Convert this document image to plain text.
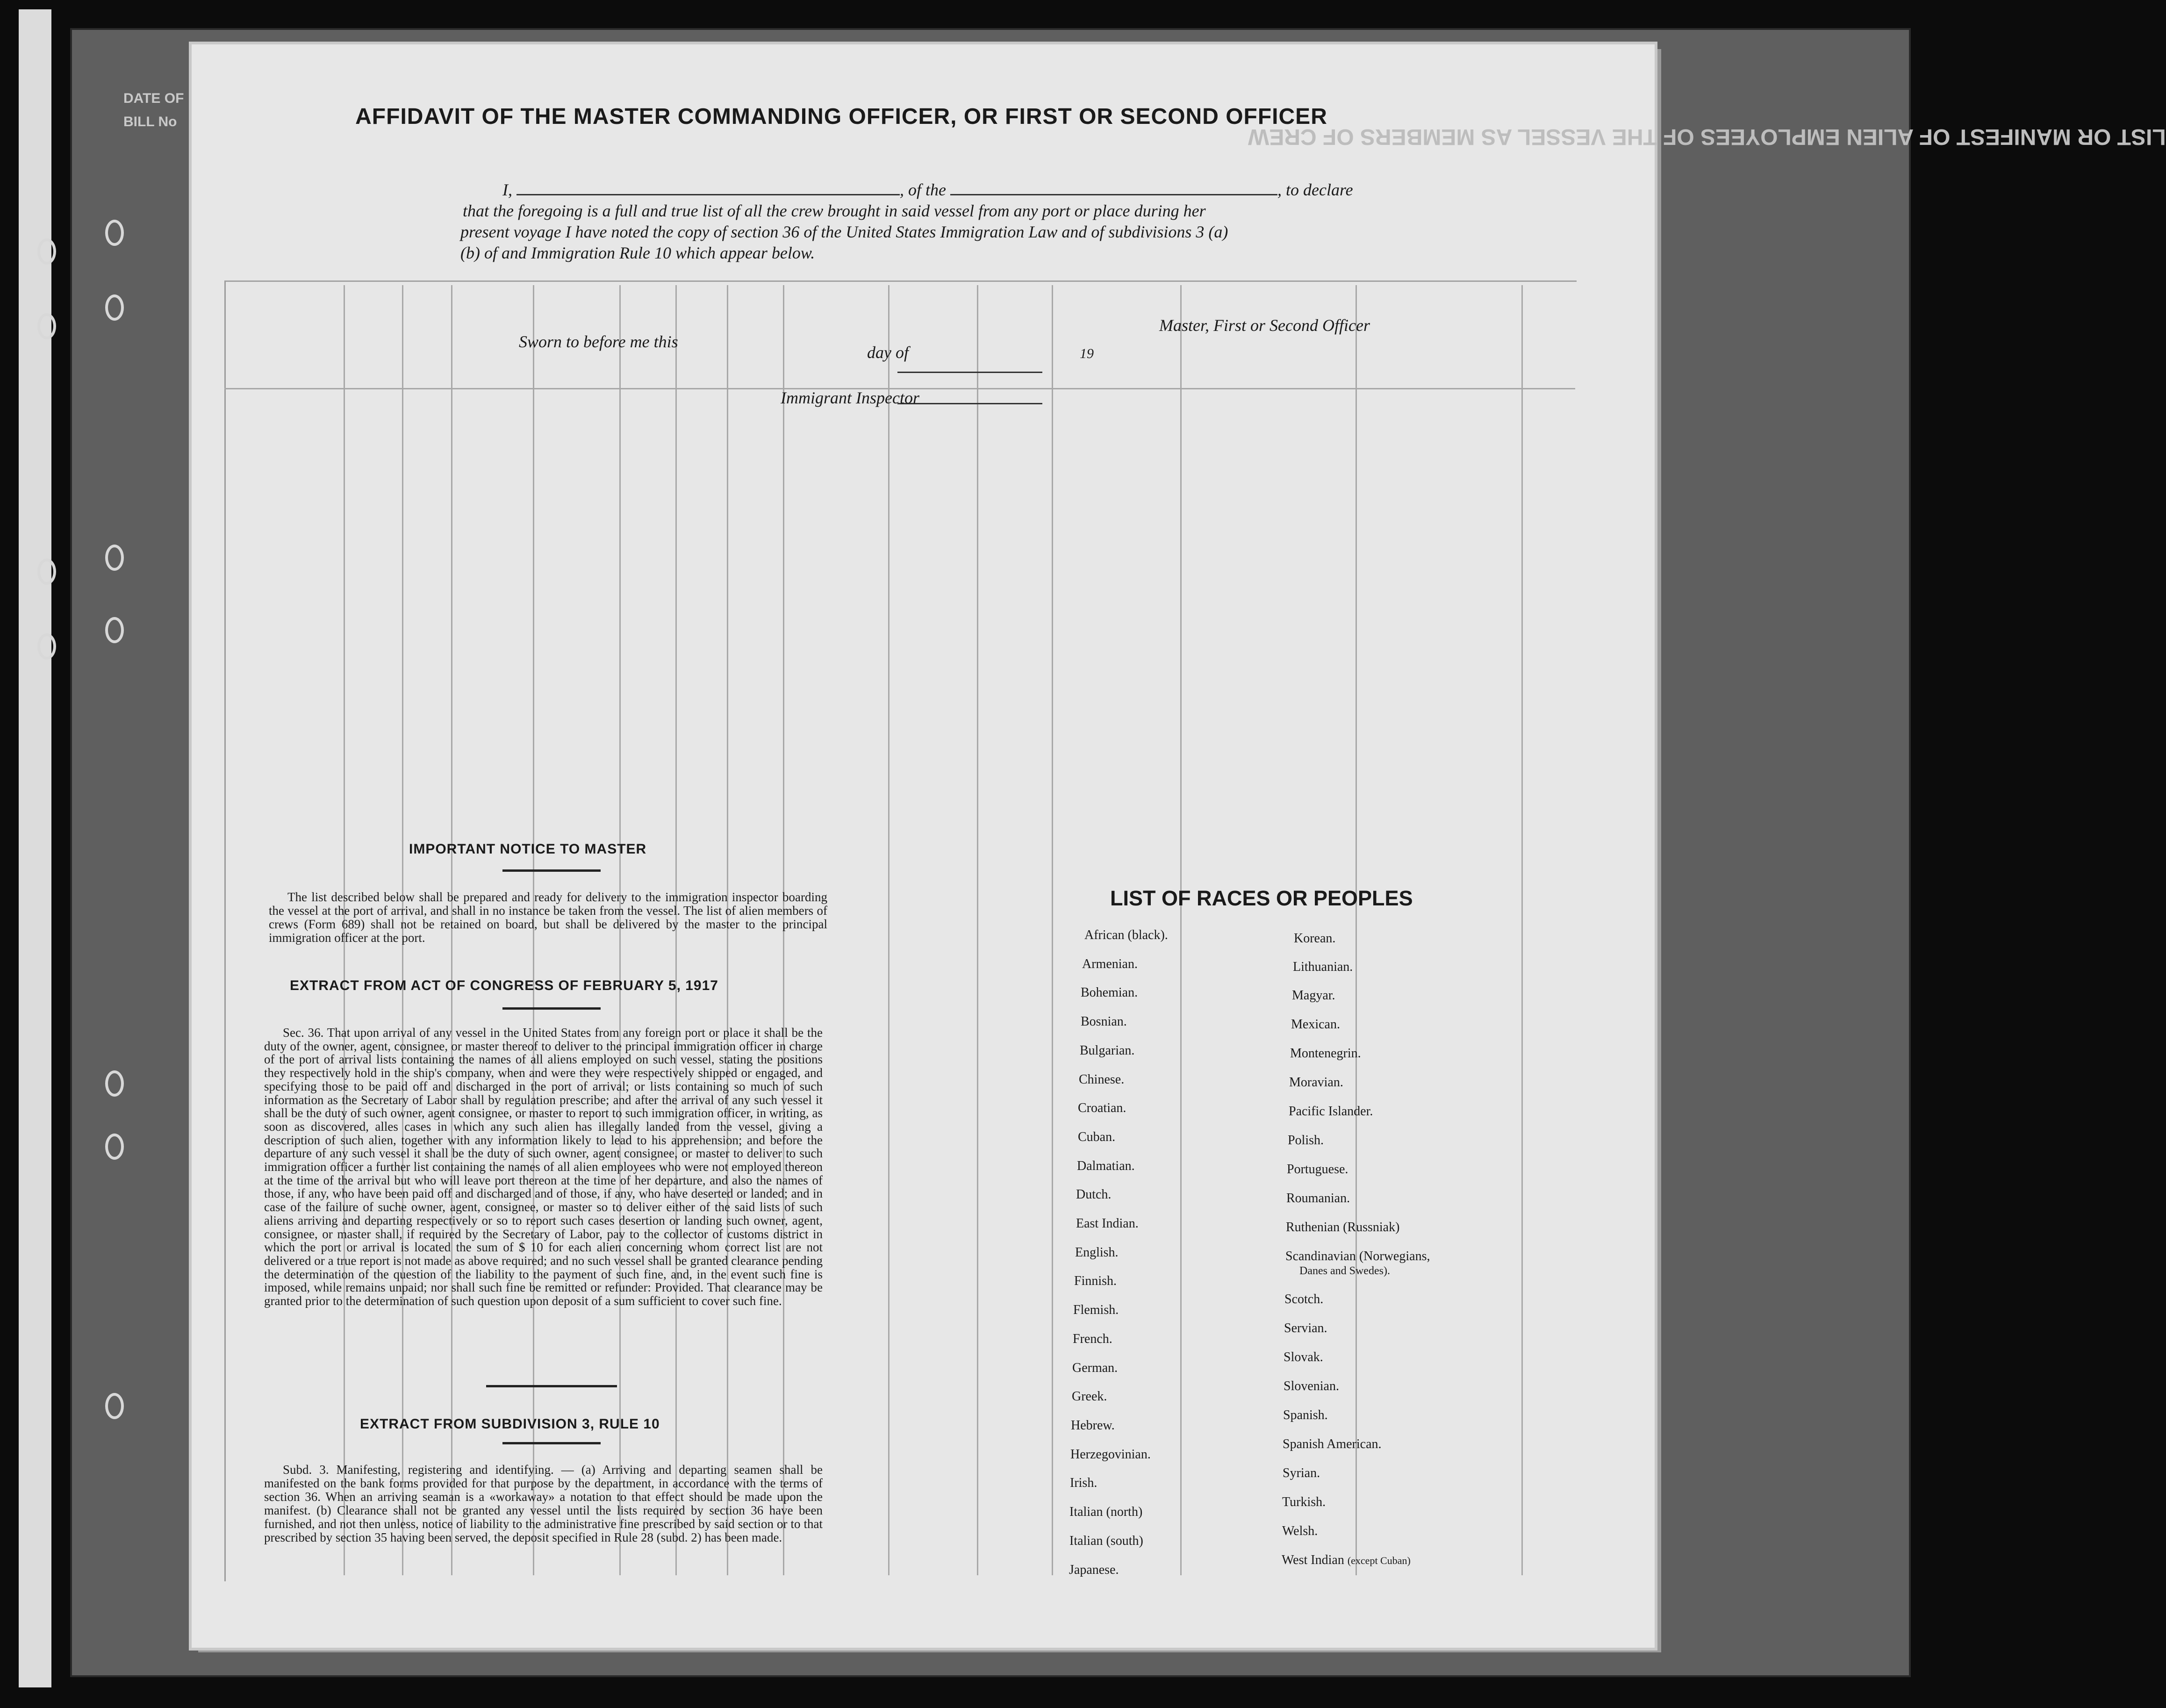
DATE OF
BILL No
LIST OR MANIFEST OF ALIEN EMPLOYEES OF THE VESSEL AS MEMBERS OF CREW
AFFIDAVIT OF THE MASTER COMMANDING OFFICER, OR FIRST OR SECOND OFFICER
I,	, of the	, to declare
that the foregoing is a full and true list of all the crew brought in said vessel from any port or place during her
present voyage I have noted the copy of section 36 of the United States Immigration Law and of subdivisions 3 (a)
(b) of and Immigration Rule 10 which appear below.
Master, First or Second Officer
Sworn to before me this
day of	19
Immigrant Inspector
IMPORTANT NOTICE TO MASTER

The list described below shall be prepared and ready for delivery to the immigration inspector boarding the vessel at the port of arrival, and shall in no instance be taken from the vessel. The list of alien members of crews (Form 689) shall not be retained on board, but shall be delivered by the master to the principal immigration officer at the port.

EXTRACT FROM ACT OF CONGRESS OF FEBRUARY 5, 1917

Sec. 36. That upon arrival of any vessel in the United States from any foreign port or place it shall be the duty of the owner, agent, consignee, or master thereof to deliver to the principal immigration officer in charge of the port of arrival lists containing the names of all aliens employed on such vessel, stating the positions they respectively hold in the ship's company, when and were they were respectively shipped or engaged, and specifying those to be paid off and discharged in the port of arrival; or lists containing so much of such information as the Secretary of Labor shall by regulation prescribe; and after the arrival of any such vessel it shall be the duty of such owner, agent consignee, or master to report to such immigration officer, in writing, as soon as discovered, alles cases in which any such alien has illegally landed from the vessel, giving a description of such alien, together with any information likely to lead to his apprehension; and before the departure of any such vessel it shall be the duty of such owner, agent consignee, or master to deliver to such immigration officer a further list containing the names of all alien employees who were not employed thereon at the time of the arrival but who will leave port thereon at the time of her departure, and also the names of those, if any, who have been paid off and discharged and of those, if any, who have deserted or landed; and in case of the failure of suche owner, agent, consignee, or master so to deliver either of the said lists of such aliens arriving and departing respectively or so to report such cases desertion or landing such owner, agent, consignee, or master shall, if required by the Secretary of Labor, pay to the collector of customs district in which the port or arrival is located the sum of $ 10 for each alien concerning whom correct list are not delivered or a true report is not made as above required; and no such vessel shall be granted clearance pending the determination of the question of the liability to the payment of such fine, and, in the event such fine is imposed, while remains unpaid; nor shall such fine be remitted or refunder: Provided. That clearance may be granted prior to the determination of such question upon deposit of a sum sufficient to cover such fine.

EXTRACT FROM SUBDIVISION 3, RULE 10

Subd. 3. Manifesting, registering and identifying. — (a) Arriving and departing seamen shall be manifested on the bank forms provided for that purpose by the department, in accordance with the terms of section 36. When an arriving seaman is a «workaway» a notation to that effect should be made upon the manifest. (b) Clearance shall not be granted any vessel until the lists required by section 36 have been furnished, and not then unless, notice of liability to the administrative fine prescribed by said section or to that prescribed by section 35 having been served, the deposit specified in Rule 28 (subd. 2) has been made.

LIST OF RACES OR PEOPLES
African (black).
Armenian.
Bohemian.
Bosnian.
Bulgarian.
Chinese.
Croatian.
Cuban.
Dalmatian.
Dutch.
East Indian.
English.
Finnish.
Flemish.
French.
German.
Greek.
Hebrew.
Herzegovinian.
Irish.
Italian (north)
Italian (south)
Japanese.
Korean.
Lithuanian.
Magyar.
Mexican.
Montenegrin.
Moravian.
Pacific Islander.
Polish.
Portuguese.
Roumanian.
Ruthenian (Russniak)
Scandinavian (Norwegians,
Danes and Swedes).
Scotch.
Servian.
Slovak.
Slovenian.
Spanish.
Spanish American.
Syrian.
Turkish.
Welsh.
West Indian (except Cuban)
